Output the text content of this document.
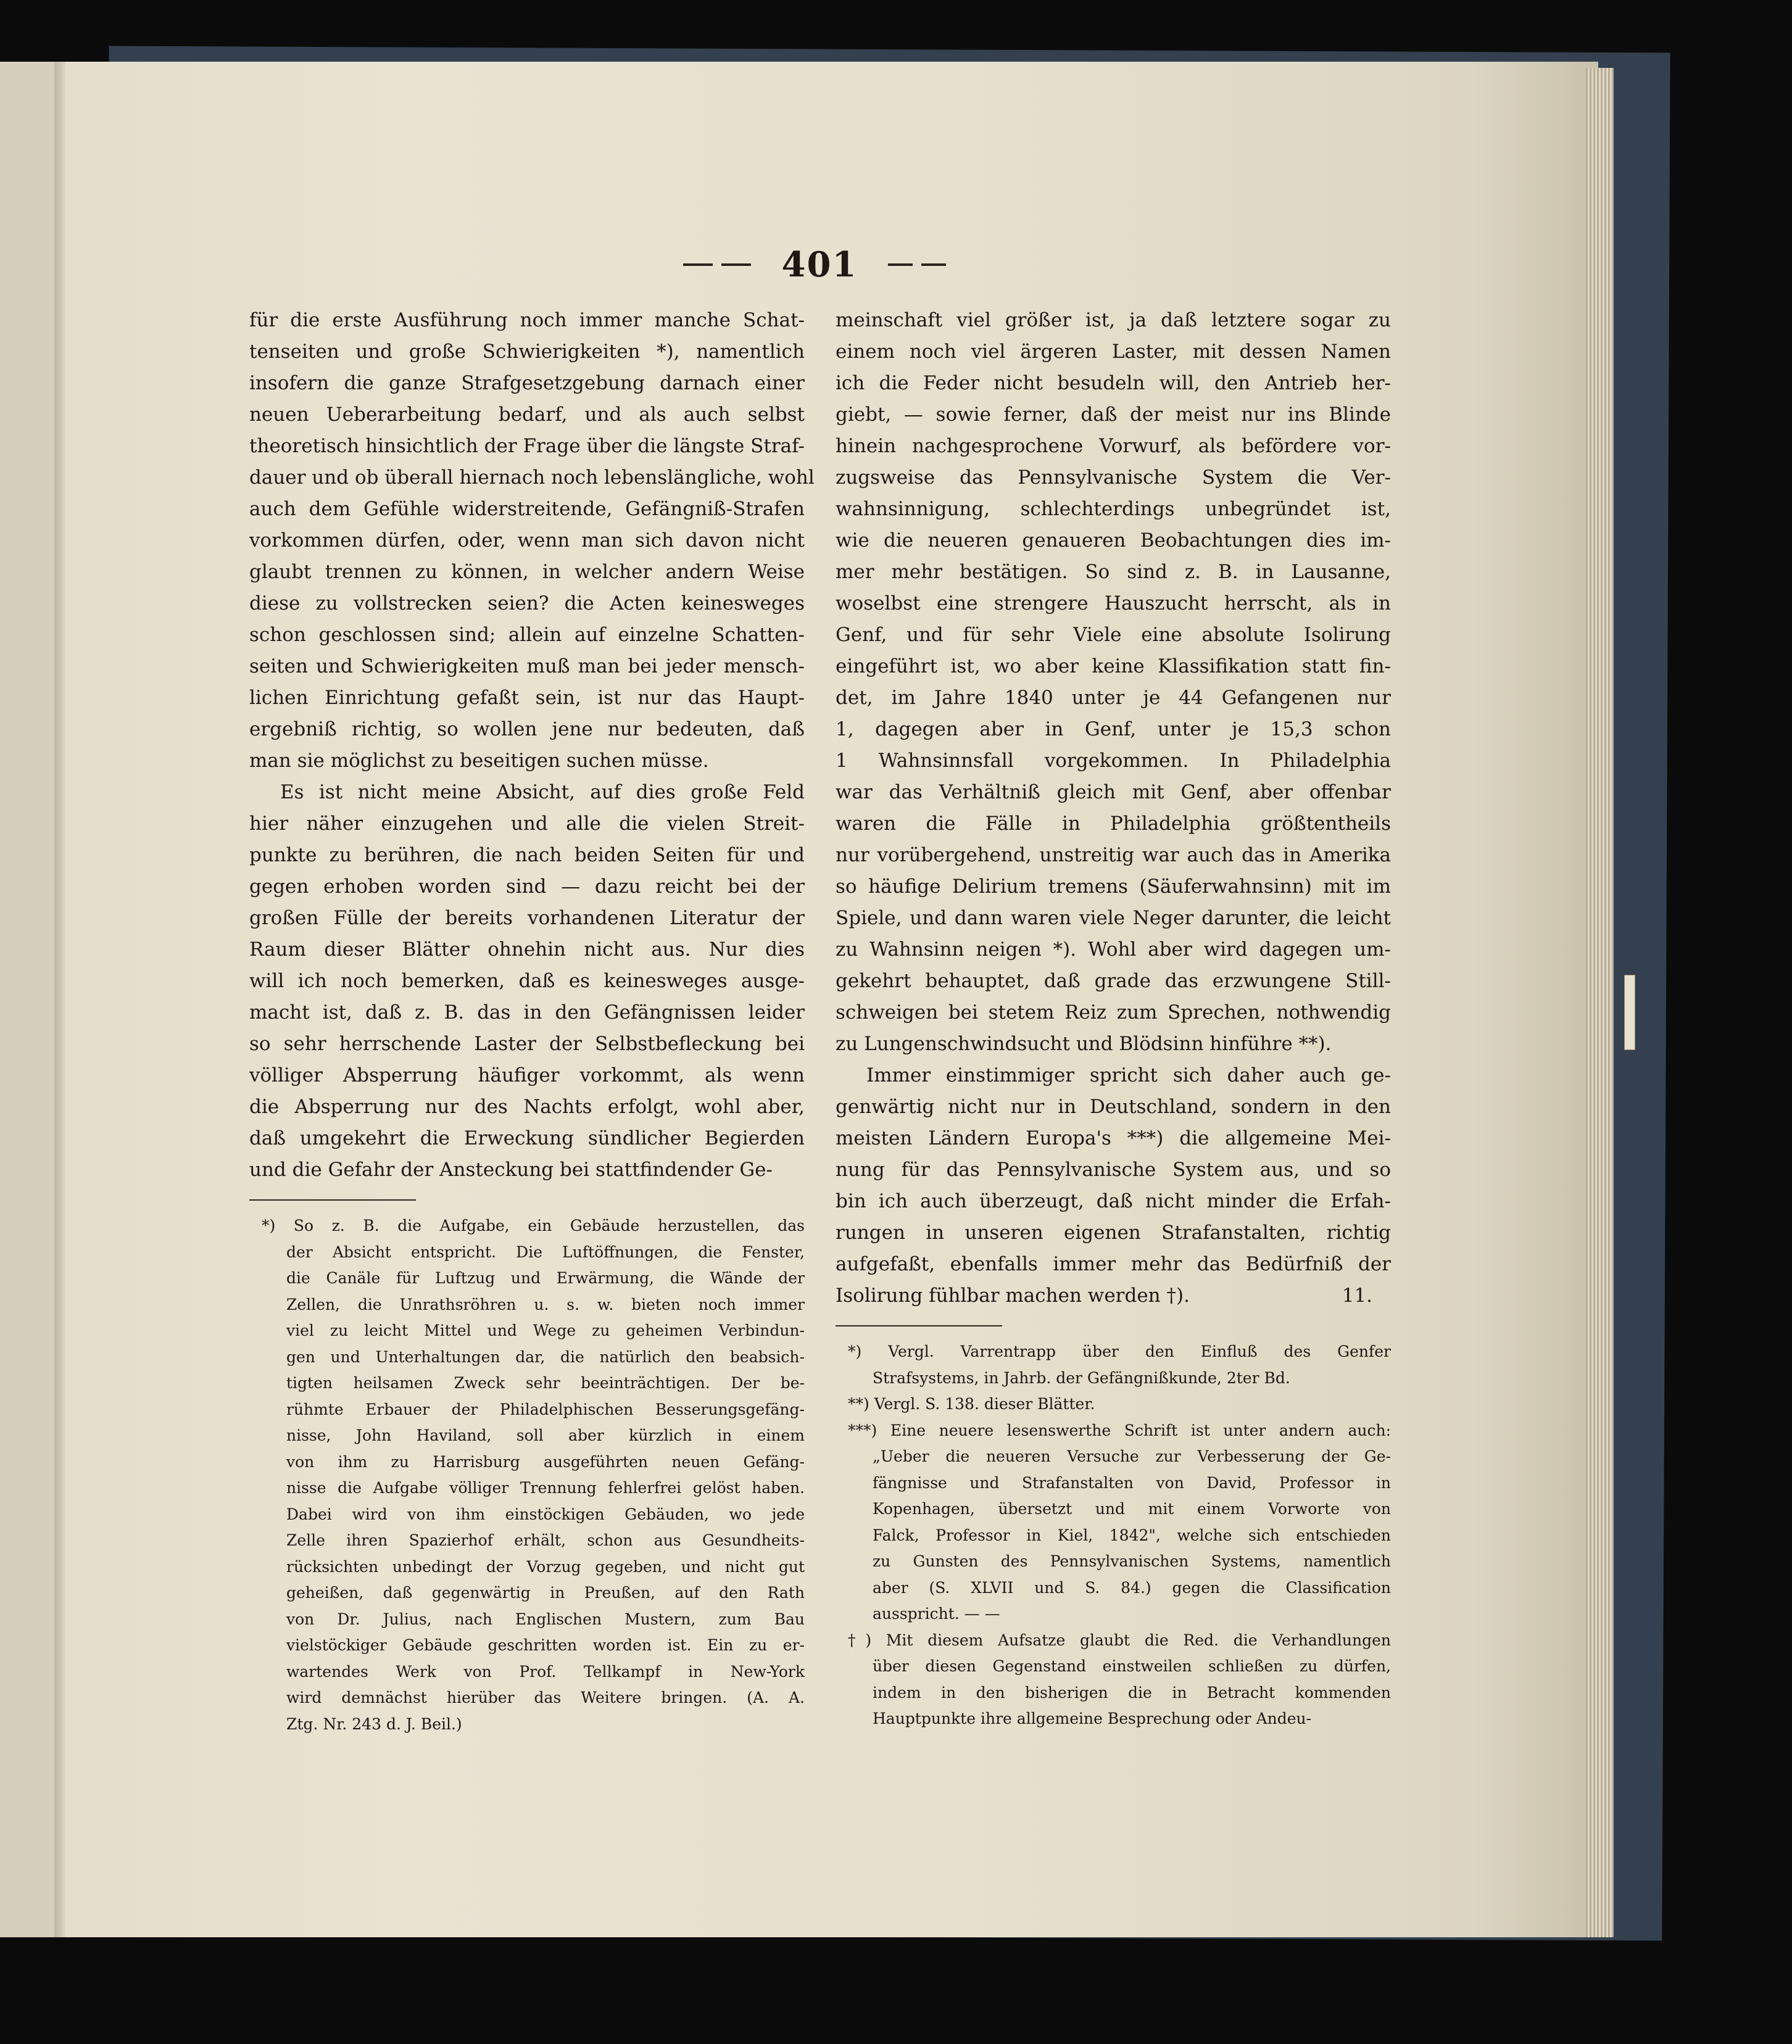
401
für die erste Ausführung noch immer manche Schat-
tenseiten und große Schwierigkeiten *), namentlich
insofern die ganze Strafgesetzgebung darnach einer
neuen Ueberarbeitung bedarf, und als auch selbst
theoretisch hinsichtlich der Frage über die längste Straf-
dauer und ob überall hiernach noch lebenslängliche, wohl
auch dem Gefühle widerstreitende, Gefängniß-Strafen
vorkommen dürfen, oder, wenn man sich davon nicht
glaubt trennen zu können, in welcher andern Weise
diese zu vollstrecken seien? die Acten keinesweges
schon geschlossen sind; allein auf einzelne Schatten-
seiten und Schwierigkeiten muß man bei jeder mensch-
lichen Einrichtung gefaßt sein, ist nur das Haupt-
ergebniß richtig, so wollen jene nur bedeuten, daß
man sie möglichst zu beseitigen suchen müsse.
Es ist nicht meine Absicht, auf dies große Feld
hier näher einzugehen und alle die vielen Streit-
punkte zu berühren, die nach beiden Seiten für und
gegen erhoben worden sind — dazu reicht bei der
großen Fülle der bereits vorhandenen Literatur der
Raum dieser Blätter ohnehin nicht aus. Nur dies
will ich noch bemerken, daß es keinesweges ausge-
macht ist, daß z. B. das in den Gefängnissen leider
so sehr herrschende Laster der Selbstbefleckung bei
völliger Absperrung häufiger vorkommt, als wenn
die Absperrung nur des Nachts erfolgt, wohl aber,
daß umgekehrt die Erweckung sündlicher Begierden
und die Gefahr der Ansteckung bei stattfindender Ge-
*) So z. B. die Aufgabe, ein Gebäude herzustellen, das
der Absicht entspricht. Die Luftöffnungen, die Fenster,
die Canäle für Luftzug und Erwärmung, die Wände der
Zellen, die Unrathsröhren u. s. w. bieten noch immer
viel zu leicht Mittel und Wege zu geheimen Verbindun-
gen und Unterhaltungen dar, die natürlich den beabsich-
tigten heilsamen Zweck sehr beeinträchtigen. Der be-
rühmte Erbauer der Philadelphischen Besserungsgefäng-
nisse, John Haviland, soll aber kürzlich in einem
von ihm zu Harrisburg ausgeführten neuen Gefäng-
nisse die Aufgabe völliger Trennung fehlerfrei gelöst haben.
Dabei wird von ihm einstöckigen Gebäuden, wo jede
Zelle ihren Spazierhof erhält, schon aus Gesundheits-
rücksichten unbedingt der Vorzug gegeben, und nicht gut
geheißen, daß gegenwärtig in Preußen, auf den Rath
von Dr. Julius, nach Englischen Mustern, zum Bau
vielstöckiger Gebäude geschritten worden ist. Ein zu er-
wartendes Werk von Prof. Tellkampf in New-York
wird demnächst hierüber das Weitere bringen. (A. A.
Ztg. Nr. 243 d. J. Beil.)
meinschaft viel größer ist, ja daß letztere sogar zu
einem noch viel ärgeren Laster, mit dessen Namen
ich die Feder nicht besudeln will, den Antrieb her-
giebt, — sowie ferner, daß der meist nur ins Blinde
hinein nachgesprochene Vorwurf, als befördere vor-
zugsweise das Pennsylvanische System die Ver-
wahnsinnigung, schlechterdings unbegründet ist,
wie die neueren genaueren Beobachtungen dies im-
mer mehr bestätigen. So sind z. B. in Lausanne,
woselbst eine strengere Hauszucht herrscht, als in
Genf, und für sehr Viele eine absolute Isolirung
eingeführt ist, wo aber keine Klassifikation statt fin-
det, im Jahre 1840 unter je 44 Gefangenen nur
1, dagegen aber in Genf, unter je 15,3 schon
1 Wahnsinnsfall vorgekommen. In Philadelphia
war das Verhältniß gleich mit Genf, aber offenbar
waren die Fälle in Philadelphia größtentheils
nur vorübergehend, unstreitig war auch das in Amerika
so häufige Delirium tremens (Säuferwahnsinn) mit im
Spiele, und dann waren viele Neger darunter, die leicht
zu Wahnsinn neigen *). Wohl aber wird dagegen um-
gekehrt behauptet, daß grade das erzwungene Still-
schweigen bei stetem Reiz zum Sprechen, nothwendig
zu Lungenschwindsucht und Blödsinn hinführe **).
Immer einstimmiger spricht sich daher auch ge-
genwärtig nicht nur in Deutschland, sondern in den
meisten Ländern Europa's ***) die allgemeine Mei-
nung für das Pennsylvanische System aus, und so
bin ich auch überzeugt, daß nicht minder die Erfah-
rungen in unseren eigenen Strafanstalten, richtig
aufgefaßt, ebenfalls immer mehr das Bedürfniß der
Isolirung fühlbar machen werden †).	11.
*) Vergl. Varrentrapp über den Einfluß des Genfer
Strafsystems, in Jahrb. der Gefängnißkunde, 2ter Bd.
**) Vergl. S. 138. dieser Blätter.
***) Eine neuere lesenswerthe Schrift ist unter andern auch:
„Ueber die neueren Versuche zur Verbesserung der Ge-
fängnisse und Strafanstalten von David, Professor in
Kopenhagen, übersetzt und mit einem Vorworte von
Falck, Professor in Kiel, 1842", welche sich entschieden
zu Gunsten des Pennsylvanischen Systems, namentlich
aber (S. XLVII und S. 84.) gegen die Classification
ausspricht. — —
†) Mit diesem Aufsatze glaubt die Red. die Verhandlungen
über diesen Gegenstand einstweilen schließen zu dürfen,
indem in den bisherigen die in Betracht kommenden
Hauptpunkte ihre allgemeine Besprechung oder Andeu-
